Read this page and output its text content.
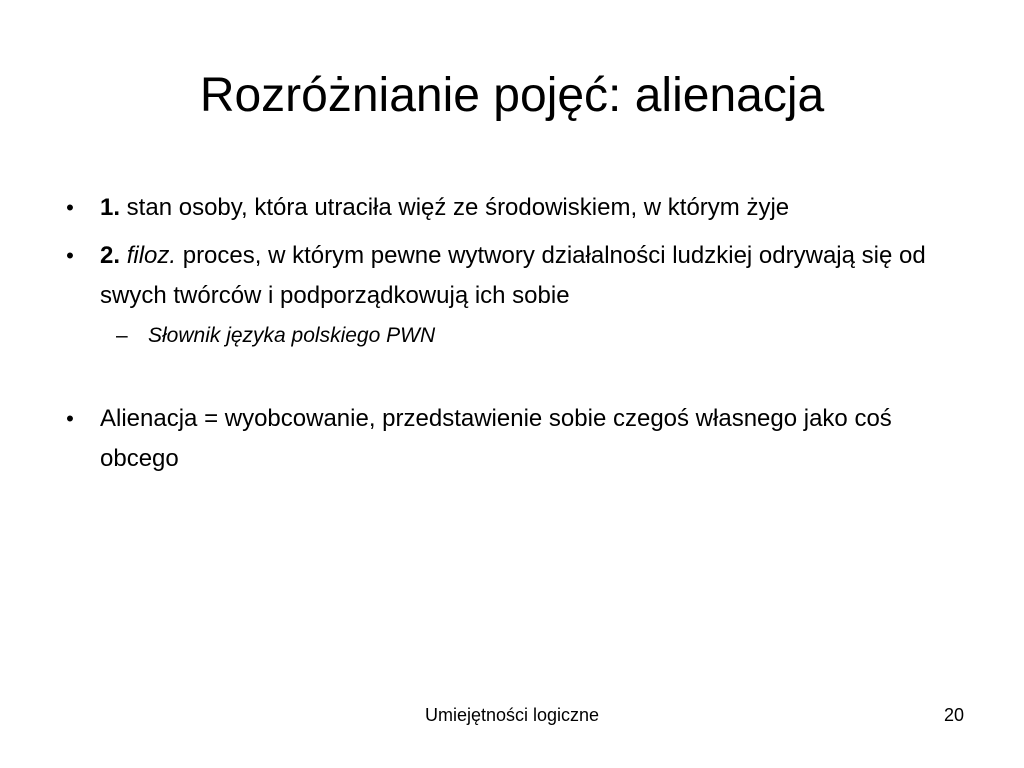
Rozróżnianie pojęć: alienacja

• 1. stan osoby, która utraciła więź ze środowiskiem, w którym żyje

• 2. filoz. proces, w którym pewne wytwory działalności ludzkiej odrywają się od swych twórców i podporządkowują ich sobie

– Słownik języka polskiego PWN

• Alienacja = wyobcowanie, przedstawienie sobie czegoś własnego jako coś obcego

Umiejętności logiczne	20
